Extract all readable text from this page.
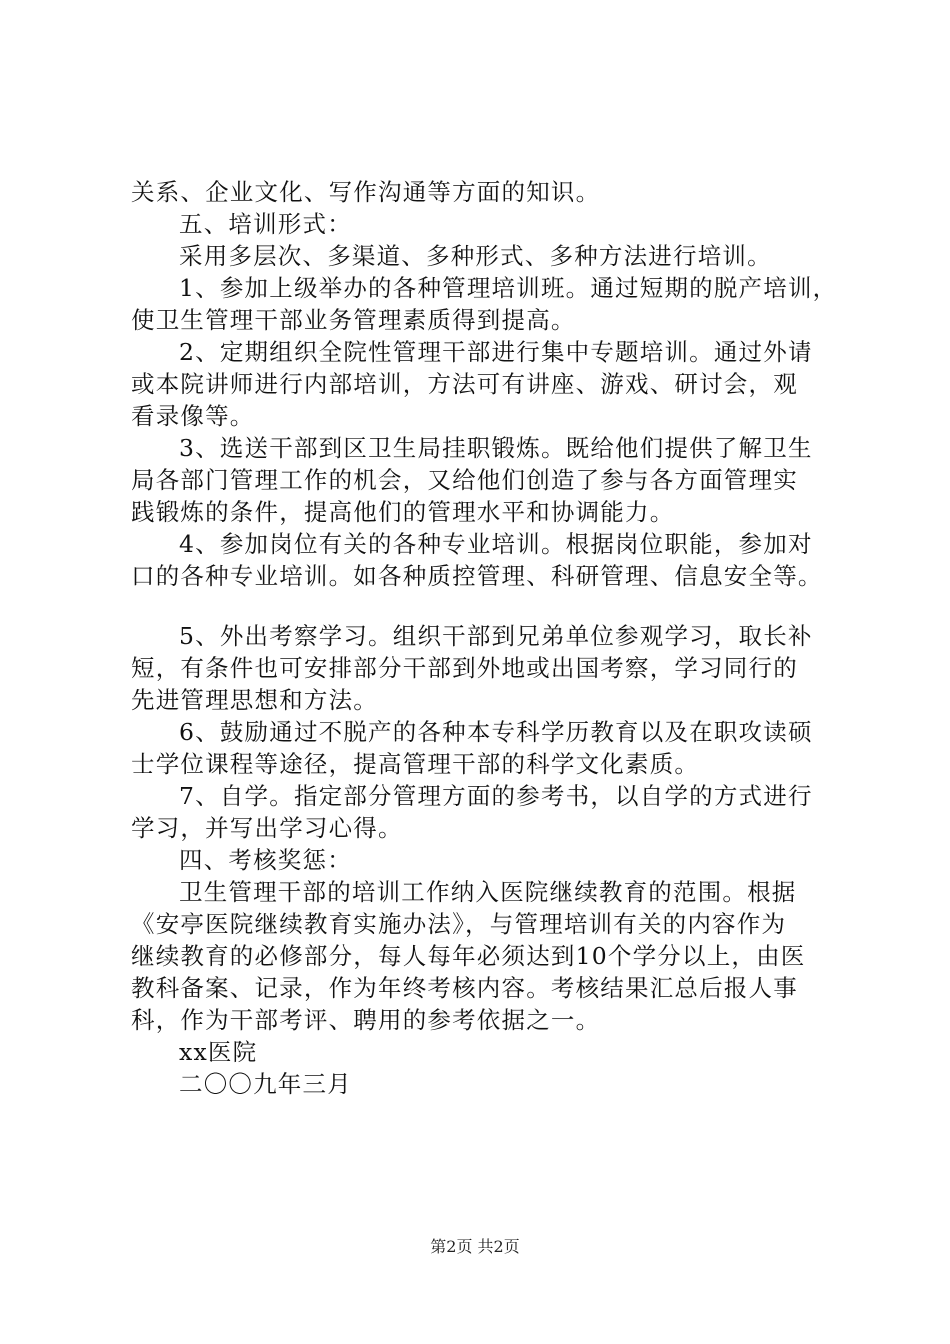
关系、企业文化、写作沟通等方面的知识。
五、培训形式：
采用多层次、多渠道、多种形式、多种方法进行培训。
1、参加上级举办的各种管理培训班。通过短期的脱产培训，
使卫生管理干部业务管理素质得到提高。
2、定期组织全院性管理干部进行集中专题培训。通过外请
或本院讲师进行内部培训，方法可有讲座、游戏、研讨会，观
看录像等。
3、选送干部到区卫生局挂职锻炼。既给他们提供了解卫生
局各部门管理工作的机会，又给他们创造了参与各方面管理实
践锻炼的条件，提高他们的管理水平和协调能力。
4、参加岗位有关的各种专业培训。根据岗位职能，参加对
口的各种专业培训。如各种质控管理、科研管理、信息安全等。
5、外出考察学习。组织干部到兄弟单位参观学习，取长补
短，有条件也可安排部分干部到外地或出国考察，学习同行的
先进管理思想和方法。
6、鼓励通过不脱产的各种本专科学历教育以及在职攻读硕
士学位课程等途径，提高管理干部的科学文化素质。
7、自学。指定部分管理方面的参考书，以自学的方式进行
学习，并写出学习心得。
四、考核奖惩：
卫生管理干部的培训工作纳入医院继续教育的范围。根据
《安亭医院继续教育实施办法》，与管理培训有关的内容作为
继续教育的必修部分，每人每年必须达到10个学分以上，由医
教科备案、记录，作为年终考核内容。考核结果汇总后报人事
科，作为干部考评、聘用的参考依据之一。
xx医院
二〇〇九年三月
第2页 共2页
